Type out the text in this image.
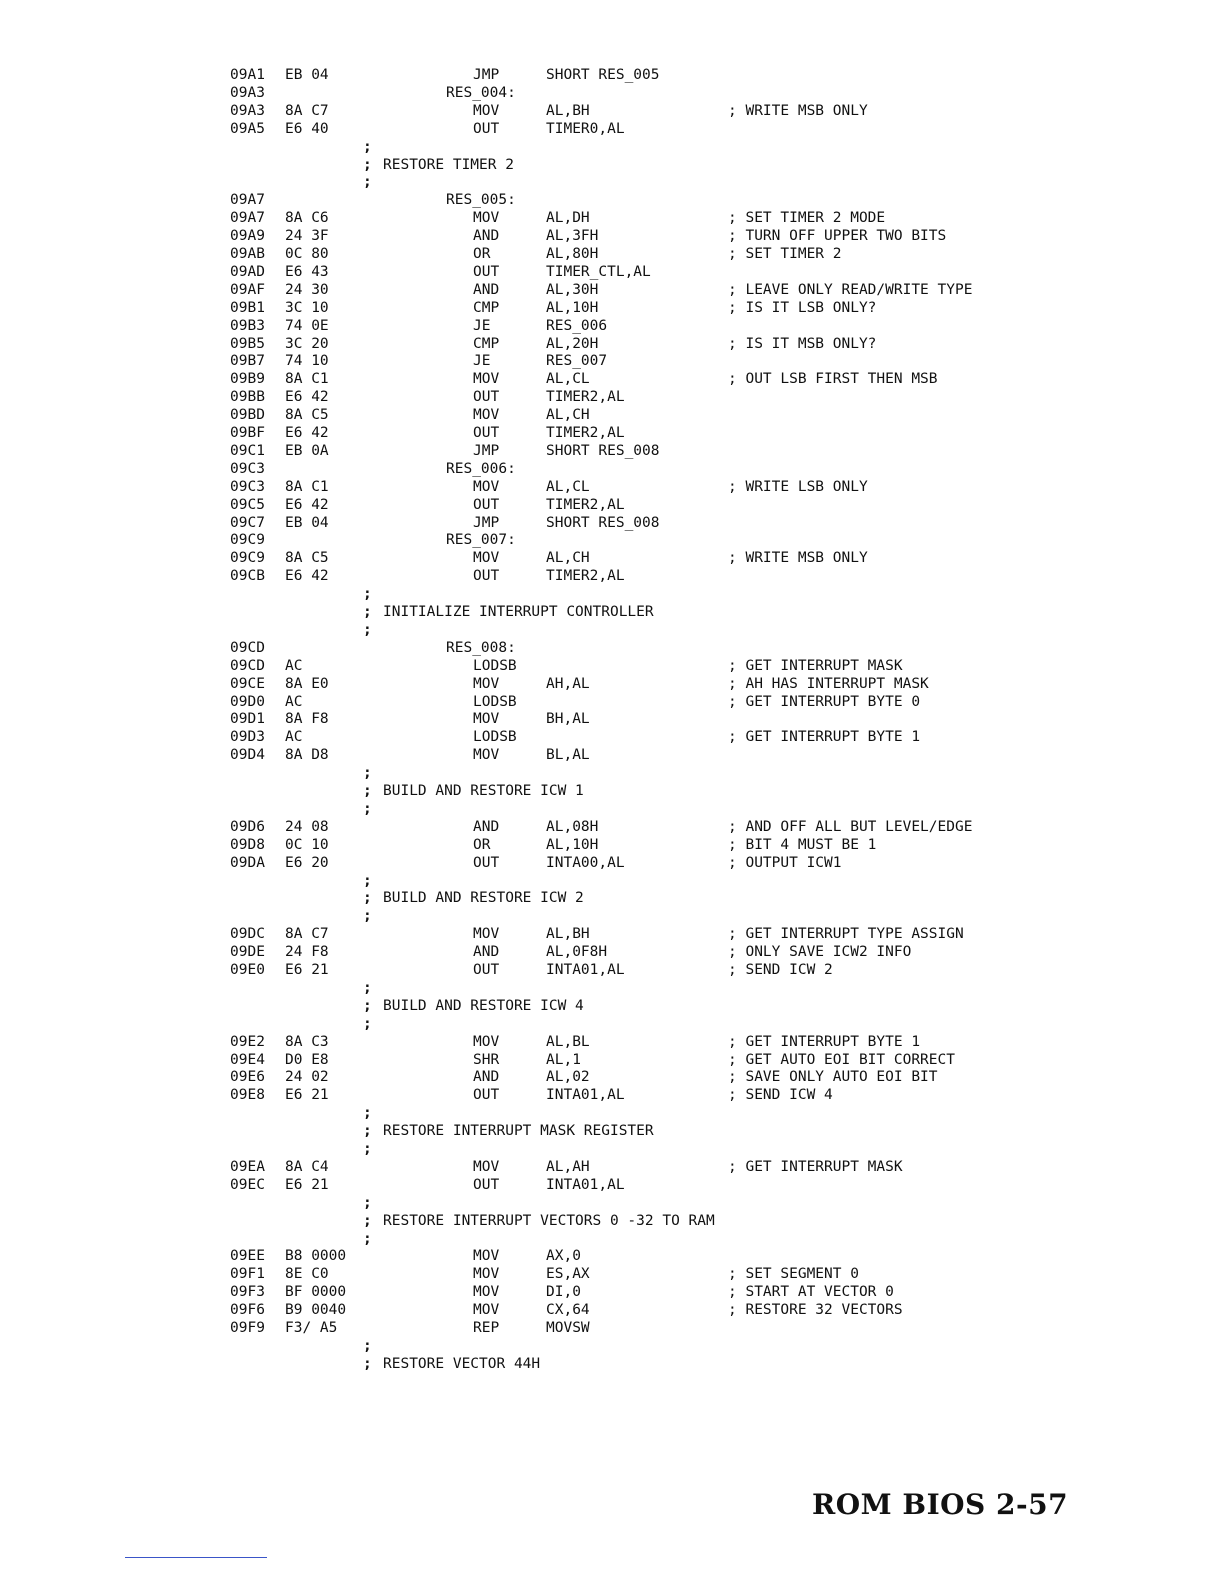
09A1 EB 04	JMP	SHORT RES_005
09A3	RES_004:
09A3 8A C7	MOV	AL,BH	; WRITE MSB ONLY
09A5 E6 40	OUT	TIMER0,AL
;
; RESTORE TIMER 2
;
09A7	RES_005:
09A7 8A C6	MOV	AL,DH	; SET TIMER 2 MODE
09A9 24 3F	AND	AL,3FH	; TURN OFF UPPER TWO BITS
09AB 0C 80	OR	AL,80H	; SET TIMER 2
09AD E6 43	OUT	TIMER_CTL,AL
09AF 24 30	AND	AL,30H	; LEAVE ONLY READ/WRITE TYPE
09B1 3C 10	CMP	AL,10H	; IS IT LSB ONLY?
09B3 74 0E	JE	RES_006
09B5 3C 20	CMP	AL,20H	; IS IT MSB ONLY?
09B7 74 10	JE	RES_007
09B9 8A C1	MOV	AL,CL	; OUT LSB FIRST THEN MSB
09BB E6 42	OUT	TIMER2,AL
09BD 8A C5	MOV	AL,CH
09BF E6 42	OUT	TIMER2,AL
09C1 EB 0A	JMP	SHORT RES_008
09C3	RES_006:
09C3 8A C1	MOV	AL,CL	; WRITE LSB ONLY
09C5 E6 42	OUT	TIMER2,AL
09C7 EB 04	JMP	SHORT RES_008
09C9	RES_007:
09C9 8A C5	MOV	AL,CH	; WRITE MSB ONLY
09CB E6 42	OUT	TIMER2,AL
;
; INITIALIZE INTERRUPT CONTROLLER
;
09CD	RES_008:
09CD AC	LODSB	; GET INTERRUPT MASK
09CE 8A E0	MOV	AH,AL	; AH HAS INTERRUPT MASK
09D0 AC	LODSB	; GET INTERRUPT BYTE 0
09D1 8A F8	MOV	BH,AL
09D3 AC	LODSB	; GET INTERRUPT BYTE 1
09D4 8A D8	MOV	BL,AL
;
; BUILD AND RESTORE ICW 1
;
09D6 24 08	AND	AL,08H	; AND OFF ALL BUT LEVEL/EDGE
09D8 0C 10	OR	AL,10H	; BIT 4 MUST BE 1
09DA E6 20	OUT	INTA00,AL	; OUTPUT ICW1
;
; BUILD AND RESTORE ICW 2
;
09DC 8A C7	MOV	AL,BH	; GET INTERRUPT TYPE ASSIGN
09DE 24 F8	AND	AL,0F8H	; ONLY SAVE ICW2 INFO
09E0 E6 21	OUT	INTA01,AL	; SEND ICW 2
;
; BUILD AND RESTORE ICW 4
;
09E2 8A C3	MOV	AL,BL	; GET INTERRUPT BYTE 1
09E4 D0 E8	SHR	AL,1	; GET AUTO EOI BIT CORRECT
09E6 24 02	AND	AL,02	; SAVE ONLY AUTO EOI BIT
09E8 E6 21	OUT	INTA01,AL	; SEND ICW 4
;
; RESTORE INTERRUPT MASK REGISTER
;
09EA 8A C4	MOV	AL,AH	; GET INTERRUPT MASK
09EC E6 21	OUT	INTA01,AL
;
; RESTORE INTERRUPT VECTORS 0 -32 TO RAM
;
09EE B8 0000	MOV	AX,0
09F1 8E C0	MOV	ES,AX	; SET SEGMENT 0
09F3 BF 0000	MOV	DI,0	; START AT VECTOR 0
09F6 B9 0040	MOV	CX,64	; RESTORE 32 VECTORS
09F9 F3/ A5	REP	MOVSW
;
; RESTORE VECTOR 44H
ROM BIOS 2-57
